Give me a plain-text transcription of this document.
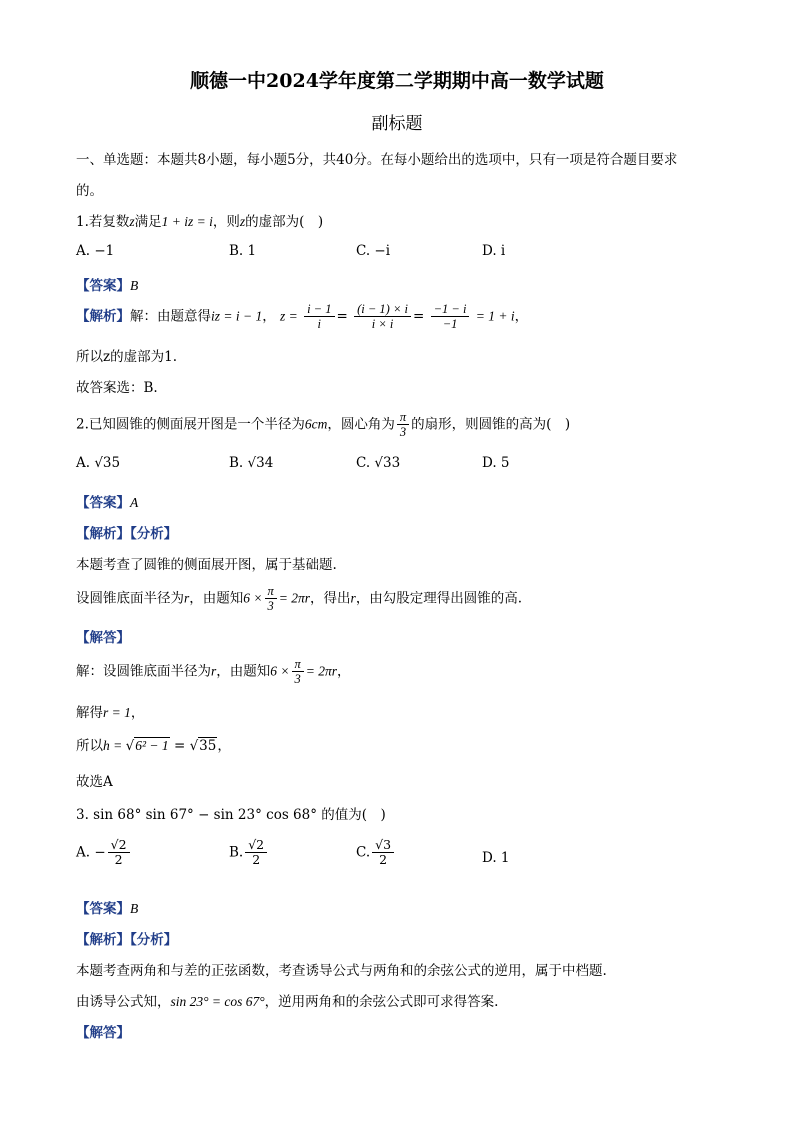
顺德一中2024学年度第二学期期中高一数学试题
副标题
一、单选题：本题共8小题，每小题5分，共40分。在每小题给出的选项中，只有一项是符合题目要求
的。
1.若复数z满足1 + iz = i，则z的虚部为(　)
A. −1	B. 1	C. −i	D. i
【答案】B
【解析】解：由题意得iz = i − 1， $z = \frac{i - 1}{i} = \frac{(i - 1) \times i}{i \times i} = \frac{-1 - i}{-1} = 1 + i$，
所以z的虚部为1.
故答案选：B.
2.已知圆锥的侧面展开图是一个半径为6cm，圆心角为 $\frac{\pi}{3}$ 的扇形，则圆锥的高为(　)
A. √35	B. √34	C. √33	D. 5
【答案】A
【解析】【分析】
本题考查了圆锥的侧面展开图，属于基础题.
设圆锥底面半径为r，由题知$6 \times \frac{\pi}{3} = 2\pi r$，得出r，由勾股定理得出圆锥的高.
【解答】
解：设圆锥底面半径为r，由题知$6 \times \frac{\pi}{3} = 2\pi r$，
解得r = 1，
所以h = √6² − 1 = √35，
故选A
3. sin 68° sin 67° − sin 23° cos 68° 的值为(　)
A. − $\frac{√2}{2}$	B. $\frac{√2}{2}$	C. $\frac{√3}{2}$	D. 1
【答案】B
【解析】【分析】
本题考查两角和与差的正弦函数，考查诱导公式与两角和的余弦公式的逆用，属于中档题.
由诱导公式知，sin 23° = cos 67°，逆用两角和的余弦公式即可求得答案.
【解答】
